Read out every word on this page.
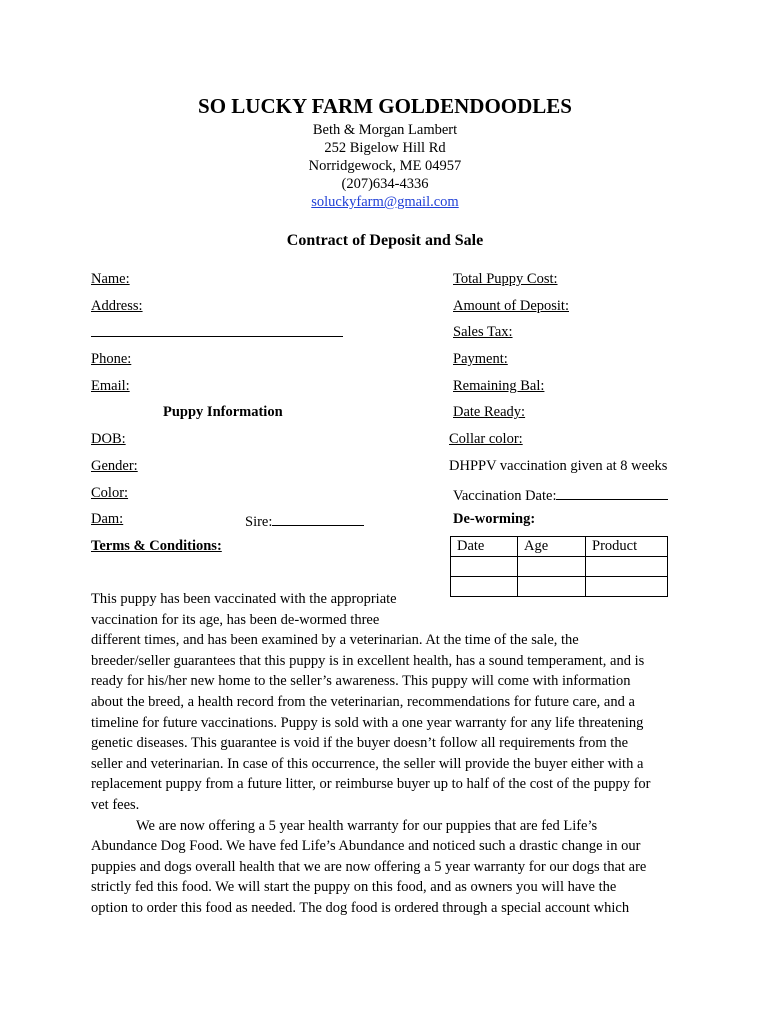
SO LUCKY FARM GOLDENDOODLES
Beth & Morgan Lambert
252 Bigelow Hill Rd
Norridgewock, ME 04957
(207)634-4336
soluckyfarm@gmail.com
Contract of Deposit and Sale
Name:
Address:
Phone:
Email:
Puppy Information
DOB:
Gender:
Color:
Dam:	Sire:
Terms & Conditions:
Total Puppy Cost:
Amount of Deposit:
Sales Tax:
Payment:
Remaining Bal:
Date Ready:
Collar color:
DHPPV vaccination given at 8 weeks
Vaccination Date:
De-worming:
Date	Age	Product

This puppy has been vaccinated with the appropriate
vaccination for its age, has been de-wormed three
different times, and has been examined by a veterinarian. At the time of the sale, the
breeder/seller guarantees that this puppy is in excellent health, has a sound temperament, and is
ready for his/her new home to the seller’s awareness. This puppy will come with information
about the breed, a health record from the veterinarian, recommendations for future care, and a
timeline for future vaccinations. Puppy is sold with a one year warranty for any life threatening
genetic diseases. This guarantee is void if the buyer doesn’t follow all requirements from the
seller and veterinarian. In case of this occurrence, the seller will provide the buyer either with a
replacement puppy from a future litter, or reimburse buyer up to half of the cost of the puppy for
vet fees.
We are now offering a 5 year health warranty for our puppies that are fed Life’s
Abundance Dog Food. We have fed Life’s Abundance and noticed such a drastic change in our
puppies and dogs overall health that we are now offering a 5 year warranty for our dogs that are
strictly fed this food. We will start the puppy on this food, and as owners you will have the
option to order this food as needed. The dog food is ordered through a special account which
